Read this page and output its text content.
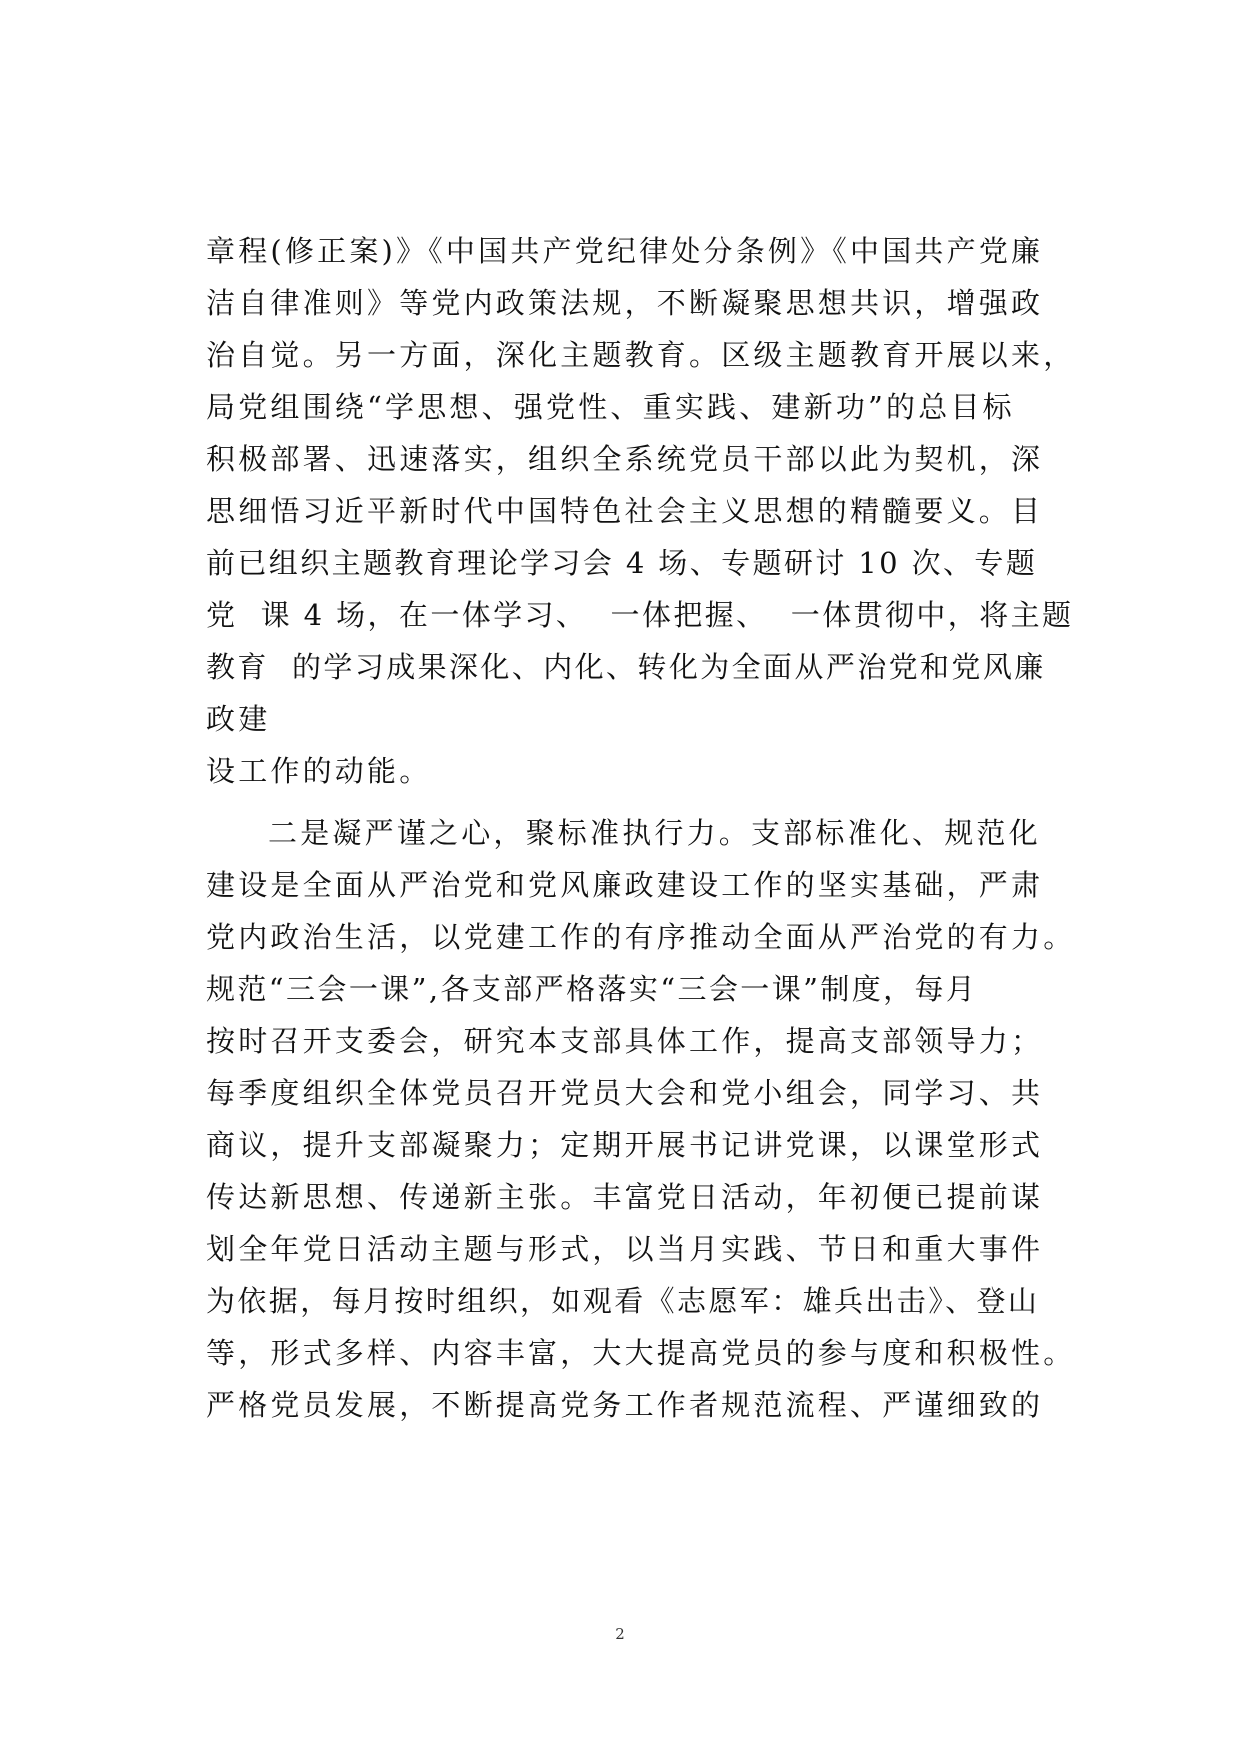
章程(修正案)》《中国共产党纪律处分条例》《中国共产党廉
洁自律准则》等党内政策法规，不断凝聚思想共识，增强政
治自觉。另一方面，深化主题教育。区级主题教育开展以来，
局党组围绕“学思想、强党性、重实践、建新功”的总目标
积极部署、迅速落实，组织全系统党员干部以此为契机，深
思细悟习近平新时代中国特色社会主义思想的精髓要义。目
前已组织主题教育理论学习会 4 场、专题研讨 10 次、专题
党  课 4 场，在一体学习、  一体把握、  一体贯彻中，将主题
教育  的学习成果深化、内化、转化为全面从严治党和党风廉
政建
设工作的动能。
二是凝严谨之心，聚标准执行力。支部标准化、规范化
建设是全面从严治党和党风廉政建设工作的坚实基础，严肃
党内政治生活，以党建工作的有序推动全面从严治党的有力。
规范“三会一课”,各支部严格落实“三会一课”制度，每月
按时召开支委会，研究本支部具体工作，提高支部领导力；
每季度组织全体党员召开党员大会和党小组会，同学习、共
商议，提升支部凝聚力；定期开展书记讲党课，以课堂形式
传达新思想、传递新主张。丰富党日活动，年初便已提前谋
划全年党日活动主题与形式，以当月实践、节日和重大事件
为依据，每月按时组织，如观看《志愿军：雄兵出击》、登山
等，形式多样、内容丰富，大大提高党员的参与度和积极性。
严格党员发展，不断提高党务工作者规范流程、严谨细致的
2
